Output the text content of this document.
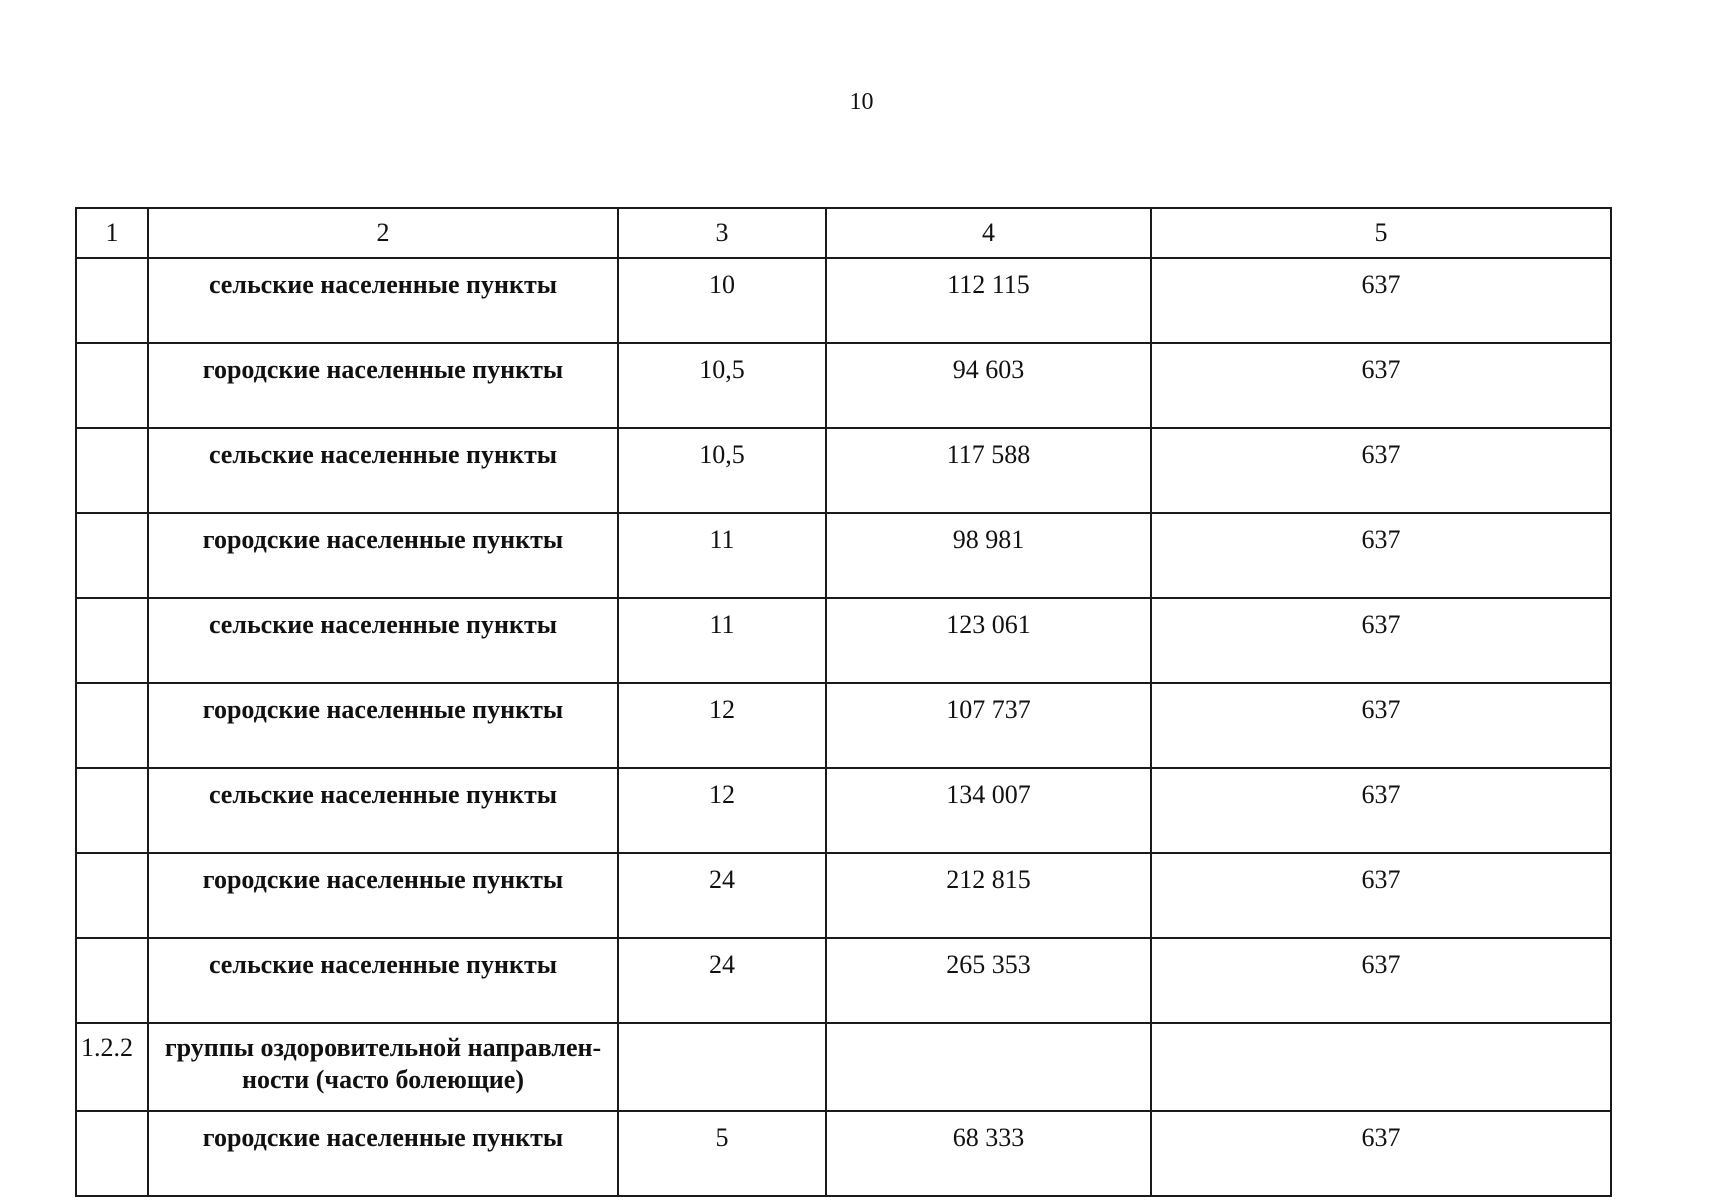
10
1	2	3	4	5
	сельские населенные пункты	10	112 115	637
	городские населенные пункты	10,5	94 603	637
	сельские населенные пункты	10,5	117 588	637
	городские населенные пункты	11	98 981	637
	сельские населенные пункты	11	123 061	637
	городские населенные пункты	12	107 737	637
	сельские населенные пункты	12	134 007	637
	городские населенные пункты	24	212 815	637
	сельские населенные пункты	24	265 353	637
1.2.2	группы оздоровительной направлен-ности (часто болеющие)			
	городские населенные пункты	5	68 333	637
